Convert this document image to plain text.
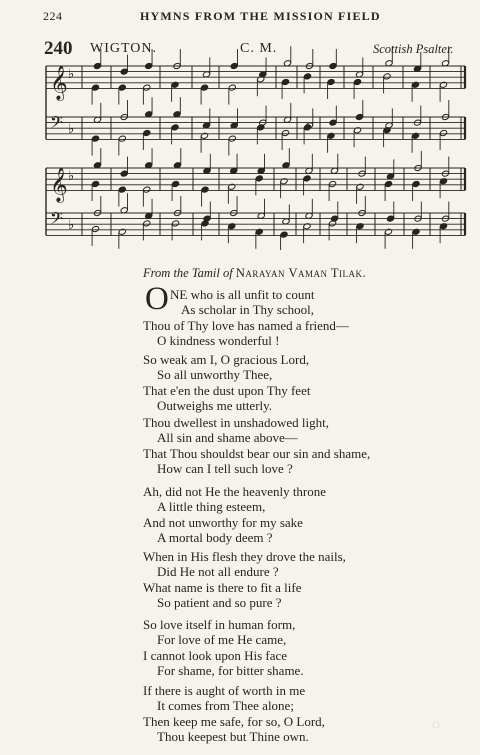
224	HYMNS FROM THE MISSION FIELD
240 WIGTON.	C. M.	Scottish Psalter.
𝄞 ♭
𝄢 ♭
𝄞 ♭
𝄢 ♭
From the Tamil of Narayan Vaman Tilak.
O NE who is all unfit to count
As scholar in Thy school,
Thou of Thy love has named a friend—
O kindness wonderful !
So weak am I, O gracious Lord,
So all unworthy Thee,
That e'en the dust upon Thy feet
Outweighs me utterly.
Thou dwellest in unshadowed light,
All sin and shame above—
That Thou shouldst bear our sin and shame,
How can I tell such love ?
Ah, did not He the heavenly throne
A little thing esteem,
And not unworthy for my sake
A mortal body deem ?
When in His flesh they drove the nails,
Did He not all endure ?
What name is there to fit a life
So patient and so pure ?
So love itself in human form,
For love of me He came,
I cannot look upon His face
For shame, for bitter shame.
If there is aught of worth in me
It comes from Thee alone;
Then keep me safe, for so, O Lord,
Thou keepest but Thine own.
◌
